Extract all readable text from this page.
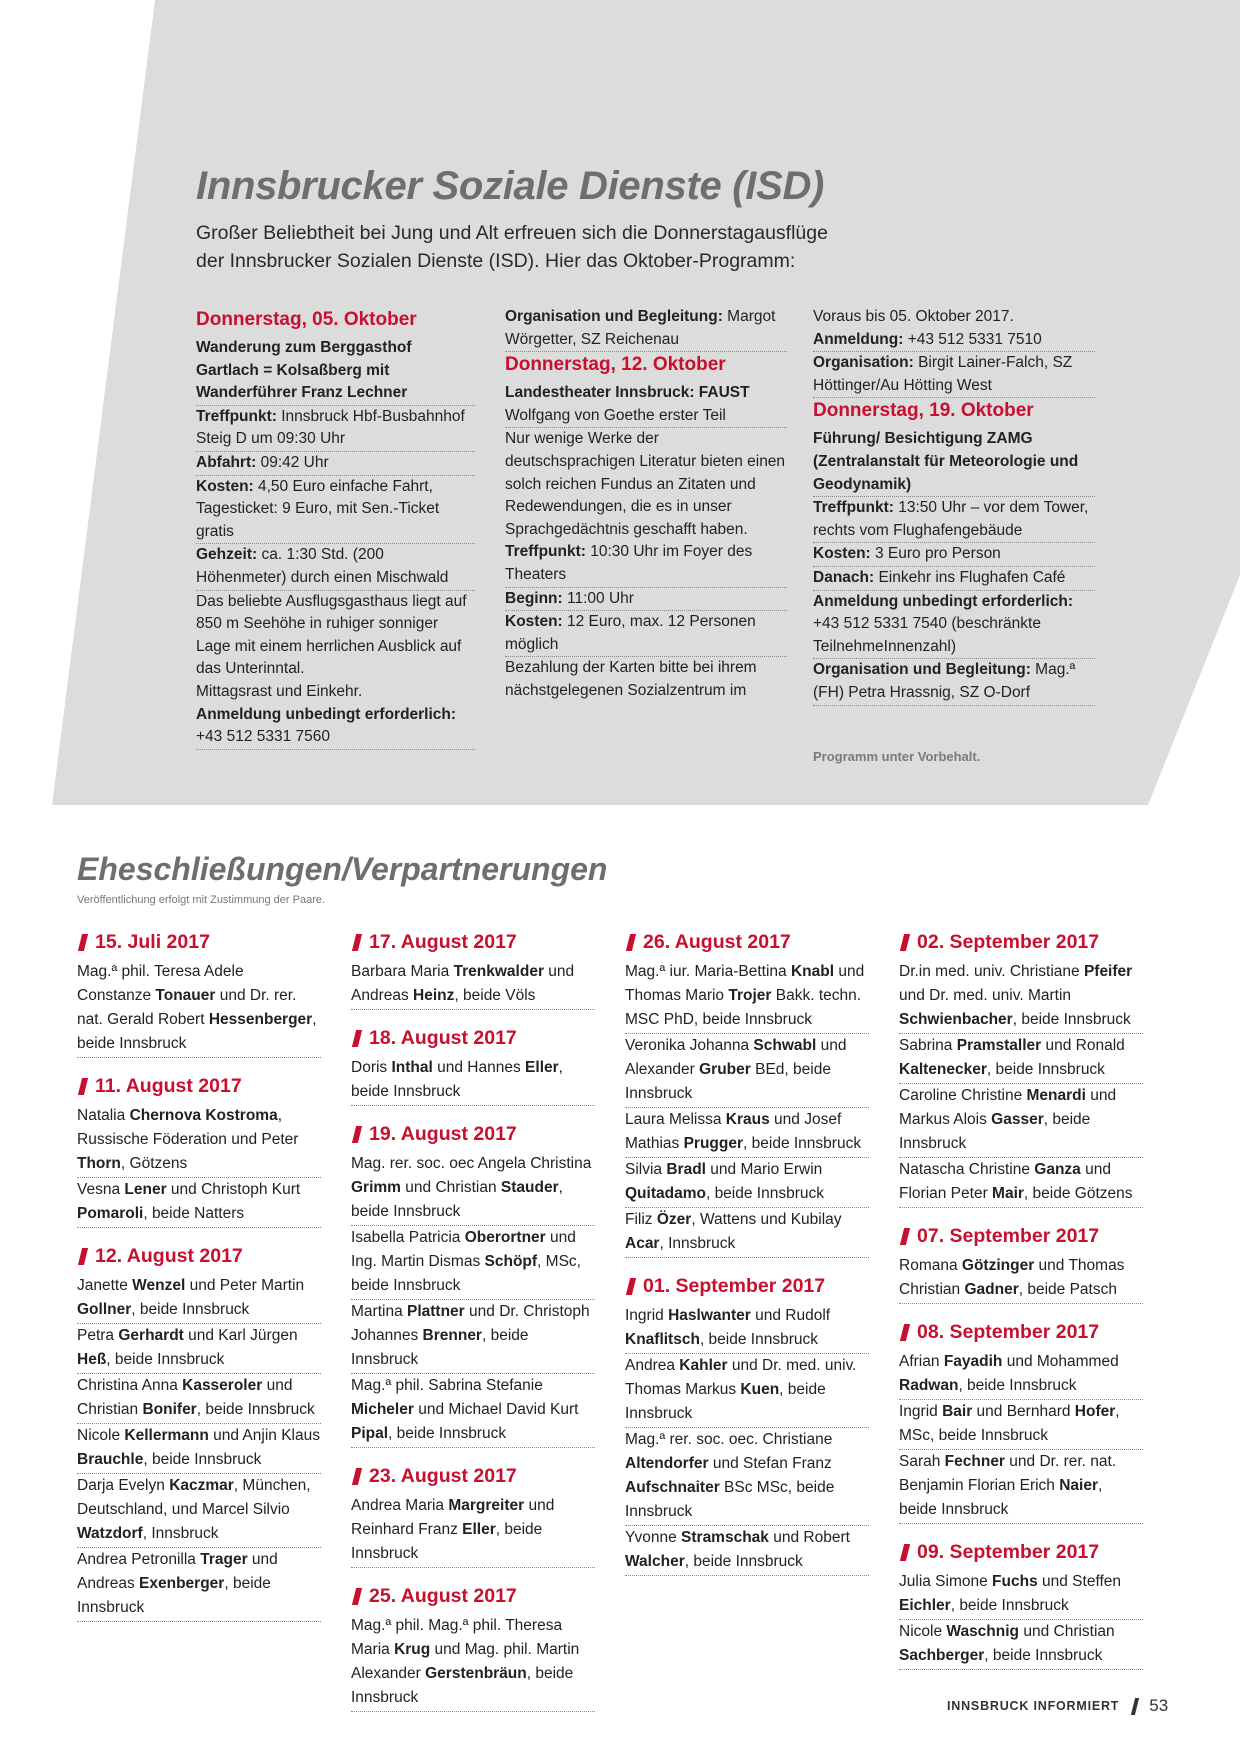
Innsbrucker Soziale Dienste (ISD)

Großer Beliebtheit bei Jung und Alt erfreuen sich die Donnerstagausflüge der Innsbrucker Sozialen Dienste (ISD). Hier das Oktober-Programm:

Donnerstag, 05. Oktober
Wanderung zum Berggasthof Gartlach = Kolsaßberg mit Wanderführer Franz Lechner
Treffpunkt: Innsbruck Hbf-Busbahnhof Steig D um 09:30 Uhr
Abfahrt: 09:42 Uhr
Kosten: 4,50 Euro einfache Fahrt, Tagesticket: 9 Euro, mit Sen.-Ticket gratis
Gehzeit: ca. 1:30 Std. (200 Höhenmeter) durch einen Mischwald
Das beliebte Ausflugsgasthaus liegt auf 850 m Seehöhe in ruhiger sonniger Lage mit einem herrlichen Ausblick auf das Unterinntal.
Mittagsrast und Einkehr.
Anmeldung unbedingt erforderlich: +43 512 5331 7560
Organisation und Begleitung: Margot Wörgetter, SZ Reichenau
Donnerstag, 12. Oktober
Landestheater Innsbruck: FAUST Wolfgang von Goethe erster Teil
Nur wenige Werke der deutschsprachigen Literatur bieten einen solch reichen Fundus an Zitaten und Redewendungen, die es in unser Sprachgedächtnis geschafft haben.
Treffpunkt: 10:30 Uhr im Foyer des Theaters
Beginn: 11:00 Uhr
Kosten: 12 Euro, max. 12 Personen möglich
Bezahlung der Karten bitte bei ihrem nächstgelegenen Sozialzentrum im
Voraus bis 05. Oktober 2017.
Anmeldung: +43 512 5331 7510
Organisation: Birgit Lainer-Falch, SZ Höttinger/Au Hötting West
Donnerstag, 19. Oktober
Führung/ Besichtigung ZAMG (Zentralanstalt für Meteorologie und Geodynamik)
Treffpunkt: 13:50 Uhr – vor dem Tower, rechts vom Flughafengebäude
Kosten: 3 Euro pro Person
Danach: Einkehr ins Flughafen Café
Anmeldung unbedingt erforderlich: +43 512 5331 7540 (beschränkte TeilnehmeInnenzahl)
Organisation und Begleitung: Mag.ª (FH) Petra Hrassnig, SZ O-Dorf
Programm unter Vorbehalt.
Eheschließungen/Verpartnerungen
Veröffentlichung erfolgt mit Zustimmung der Paare.
15. Juli 2017
Mag.ª phil. Teresa Adele Constanze Tonauer und Dr. rer. nat. Gerald Robert Hessenberger, beide Innsbruck
11. August 2017
Natalia Chernova Kostroma, Russische Föderation und Peter Thorn, Götzens
Vesna Lener und Christoph Kurt Pomaroli, beide Natters
12. August 2017
Janette Wenzel und Peter Martin Gollner, beide Innsbruck
Petra Gerhardt und Karl Jürgen Heß, beide Innsbruck
Christina Anna Kasseroler und Christian Bonifer, beide Innsbruck
Nicole Kellermann und Anjin Klaus Brauchle, beide Innsbruck
Darja Evelyn Kaczmar, München, Deutschland, und Marcel Silvio Watzdorf, Innsbruck
Andrea Petronilla Trager und Andreas Exenberger, beide Innsbruck
17. August 2017
Barbara Maria Trenkwalder und Andreas Heinz, beide Völs
18. August 2017
Doris Inthal und Hannes Eller, beide Innsbruck
19. August 2017
Mag. rer. soc. oec Angela Christina Grimm und Christian Stauder, beide Innsbruck
Isabella Patricia Oberortner und Ing. Martin Dismas Schöpf, MSc, beide Innsbruck
Martina Plattner und Dr. Christoph Johannes Brenner, beide Innsbruck
Mag.ª phil. Sabrina Stefanie Micheler und Michael David Kurt Pipal, beide Innsbruck
23. August 2017
Andrea Maria Margreiter und Reinhard Franz Eller, beide Innsbruck
25. August 2017
Mag.ª phil. Mag.ª phil. Theresa Maria Krug und Mag. phil. Martin Alexander Gerstenbräun, beide Innsbruck
26. August 2017
Mag.ª iur. Maria-Bettina Knabl und Thomas Mario Trojer Bakk. techn. MSC PhD, beide Innsbruck
Veronika Johanna Schwabl und Alexander Gruber BEd, beide Innsbruck
Laura Melissa Kraus und Josef Mathias Prugger, beide Innsbruck
Silvia Bradl und Mario Erwin Quitadamo, beide Innsbruck
Filiz Özer, Wattens und Kubilay Acar, Innsbruck
01. September 2017
Ingrid Haslwanter und Rudolf Knaflitsch, beide Innsbruck
Andrea Kahler und Dr. med. univ. Thomas Markus Kuen, beide Innsbruck
Mag.ª rer. soc. oec. Christiane Altendorfer und Stefan Franz Aufschnaiter BSc MSc, beide Innsbruck
Yvonne Stramschak und Robert Walcher, beide Innsbruck
02. September 2017
Dr.in med. univ. Christiane Pfeifer und Dr. med. univ. Martin Schwienbacher, beide Innsbruck
Sabrina Pramstaller und Ronald Kaltenecker, beide Innsbruck
Caroline Christine Menardi und Markus Alois Gasser, beide Innsbruck
Natascha Christine Ganza und Florian Peter Mair, beide Götzens
07. September 2017
Romana Götzinger und Thomas Christian Gadner, beide Patsch
08. September 2017
Afrian Fayadih und Mohammed Radwan, beide Innsbruck
Ingrid Bair und Bernhard Hofer, MSc, beide Innsbruck
Sarah Fechner und Dr. rer. nat. Benjamin Florian Erich Naier, beide Innsbruck
09. September 2017
Julia Simone Fuchs und Steffen Eichler, beide Innsbruck
Nicole Waschnig und Christian Sachberger, beide Innsbruck
INNSBRUCK INFORMIERT 53
